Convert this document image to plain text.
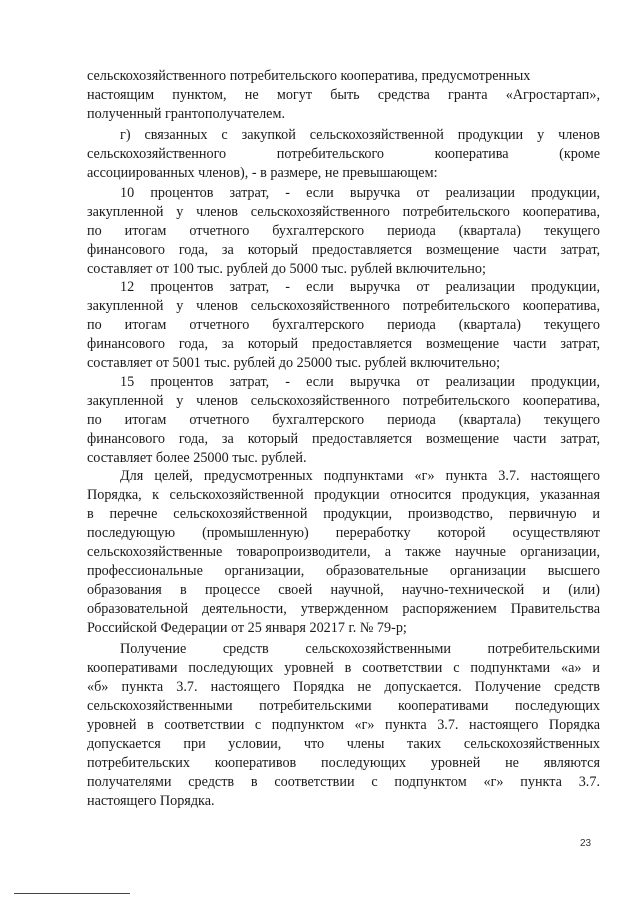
сельскохозяйственного потребительского кооператива, предусмотренных
настоящим пунктом, не могут быть средства гранта «Агростартап»,
полученный грантополучателем.
г) связанных с закупкой сельскохозяйственной продукции у членов
сельскохозяйственного потребительского кооператива (кроме
ассоциированных членов), - в размере, не превышающем:
10 процентов затрат, - если выручка от реализации продукции,
закупленной у членов сельскохозяйственного потребительского кооператива,
по итогам отчетного бухгалтерского периода (квартала) текущего
финансового года, за который предоставляется возмещение части затрат,
составляет от 100 тыс. рублей до 5000 тыс. рублей включительно;
12 процентов затрат, - если выручка от реализации продукции,
закупленной у членов сельскохозяйственного потребительского кооператива,
по итогам отчетного бухгалтерского периода (квартала) текущего
финансового года, за который предоставляется возмещение части затрат,
составляет от 5001 тыс. рублей до 25000 тыс. рублей включительно;
15 процентов затрат, - если выручка от реализации продукции,
закупленной у членов сельскохозяйственного потребительского кооператива,
по итогам отчетного бухгалтерского периода (квартала) текущего
финансового года, за который предоставляется возмещение части затрат,
составляет более 25000 тыс. рублей.
Для целей, предусмотренных подпунктами «г» пункта 3.7. настоящего
Порядка, к сельскохозяйственной продукции относится продукция, указанная
в перечне сельскохозяйственной продукции, производство, первичную и
последующую (промышленную) переработку которой осуществляют
сельскохозяйственные товаропроизводители, а также научные организации,
профессиональные организации, образовательные организации высшего
образования в процессе своей научной, научно-технической и (или)
образовательной деятельности, утвержденном распоряжением Правительства
Российской Федерации от 25 января 20217 г. № 79-р;
Получение средств сельскохозяйственными потребительскими
кооперативами последующих уровней в соответствии с подпунктами «а» и
«б» пункта 3.7. настоящего Порядка не допускается. Получение средств
сельскохозяйственными потребительскими кооперативами последующих
уровней в соответствии с подпунктом «г» пункта 3.7. настоящего Порядка
допускается при условии, что члены таких сельскохозяйственных
потребительских кооперативов последующих уровней не являются
получателями средств в соответствии с подпунктом «г» пункта 3.7.
настоящего Порядка.
23
